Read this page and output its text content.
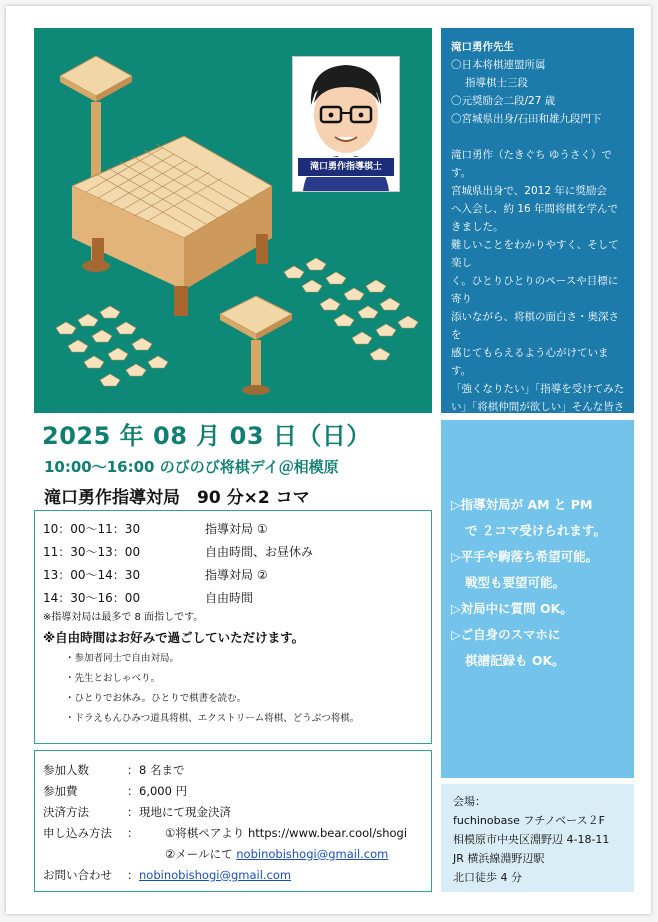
滝口勇作指導棋士
滝口勇作先生
〇日本将棋連盟所属
指導棋士三段
〇元奨励会二段/27 歳
〇宮城県出身/石田和雄九段門下
滝口勇作（たきぐち ゆうさく）です。
宮城県出身で、2012 年に奨励会
へ入会し、約 16 年間将棋を学んで
きました。
難しいことをわかりやすく、そして楽し
く。ひとりひとりのペースや目標に寄り
添いながら、将棋の面白さ・奥深さを
感じてもらえるよう心がけています。
「強くなりたい」「指導を受けてみた
い」「将棋仲間が欲しい」そんな皆さ
2025 年 08 月 03 日（日）
10:00～16:00 のびのび将棋デイ＠相模原
滝口勇作指導対局　90 分×2 コマ
10：00～11：30	指導対局 ①
11：30～13：00	自由時間、お昼休み
13：00～14：30	指導対局 ②
14：30～16：00	自由時間
※指導対局は最多で 8 面指しです。
※自由時間はお好みで過ごしていただけます。
・参加者同士で自由対局。
・先生とおしゃべり。
・ひとりでお休み。ひとりで棋書を読む。
・ドラえもんひみつ道具将棋、エクストリーム将棋、どうぶつ将棋。
参加人数	： 8 名まで
参加費	： 6,000 円
決済方法	： 現地にて現金決済
申し込み方法	：	①将棋ペアより https://www.bear.cool/shogi
②メールにて nobinobishogi@gmail.com
お問い合わせ	： nobinobishogi@gmail.com
▷指導対局が AM と PM
で ２コマ受けられます。
▷平手や駒落ち希望可能。
戦型も要望可能。
▷対局中に質問 OK。
▷ご自身のスマホに
棋譜記録も OK。
会場：
fuchinobase フチノベース２F
相模原市中央区淵野辺 4-18-11
JR 横浜線淵野辺駅
北口徒歩 4 分
